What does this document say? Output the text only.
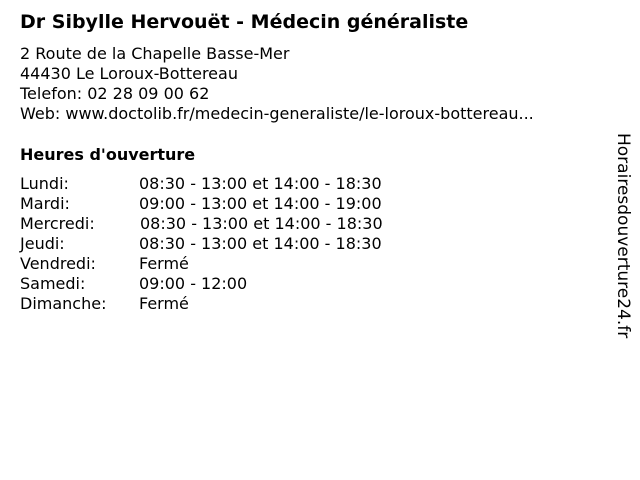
Dr Sibylle Hervouët - Médecin généraliste
2 Route de la Chapelle Basse-Mer
44430 Le Loroux-Bottereau
Telefon: 02 28 09 00 62
Web: www.doctolib.fr/medecin-generaliste/le-loroux-bottereau...
Heures d'ouverture
Lundi:	08:30 - 13:00 et 14:00 - 18:30
Mardi:	09:00 - 13:00 et 14:00 - 19:00
Mercredi:	08:30 - 13:00 et 14:00 - 18:30
Jeudi:	08:30 - 13:00 et 14:00 - 18:30
Vendredi:	Fermé
Samedi:	09:00 - 12:00
Dimanche: Fermé	Horairesdouverture24.fr
